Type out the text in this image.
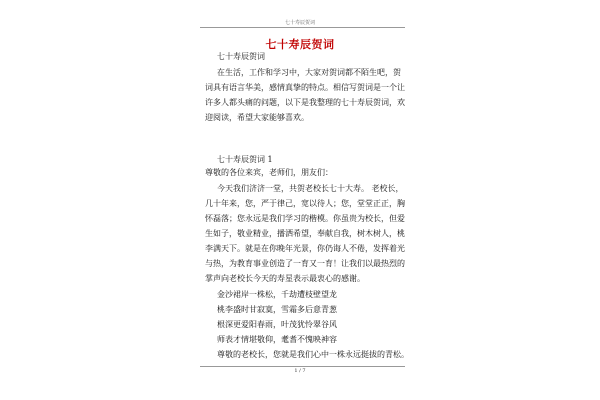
七十寿辰贺词
七十寿辰贺词
七十寿辰贺词
在生活，工作和学习中，大家对贺词都不陌生吧，贺
词具有语言华美，感情真挚的特点。相信写贺词是一个让
许多人都头痛的问题，以下是我整理的七十寿辰贺词，欢
迎阅读，希望大家能够喜欢。
七十寿辰贺词 1
尊敬的各位来宾，老师们，朋友们：
今天我们济济一堂，共贺老校长七十大寿。 老校长，
几十年来，您，严于律己，宽以待人；您，堂堂正正，胸
怀磊落；您永远是我们学习的楷模。你虽贵为校长，但爱
生如子，敬业精业，播洒希望，奉献自我，树木树人，桃
李满天下。就是在你晚年光景，你仍诲人不倦，发挥着光
与热，为教育事业创造了一育又一育！让我们以最热烈的
掌声向老校长今天的寿星表示最衷心的感谢。
金沙裙岸一株松，千劫遭枝壁望龙
桃李盛时甘寂寞，雪霜多后意青葱
根深更爱阳春雨，叶茂犹怜翠谷风
师表才情堪敬仰，耄耆不愧映神容
尊敬的老校长，您就是我们心中一株永远挺拔的青松。
1 / 7
